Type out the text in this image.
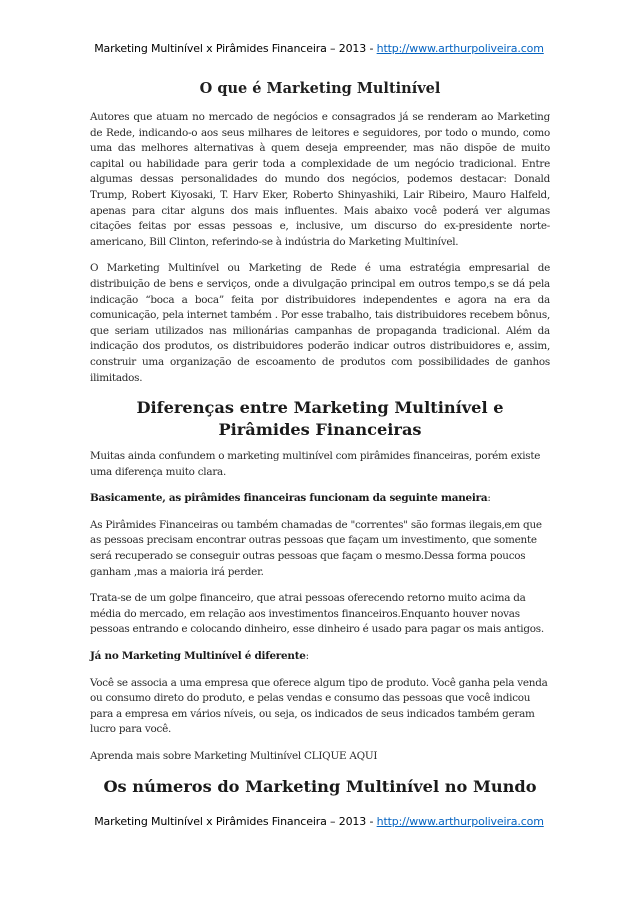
Marketing Multinível x Pirâmides Financeira – 2013 - http://www.arthurpoliveira.com
O que é Marketing Multinível

Autores que atuam no mercado de negócios e consagrados já se renderam ao Marketing de Rede, indicando-o aos seus milhares de leitores e seguidores, por todo o mundo, como uma das melhores alternativas à quem deseja empreender, mas não dispõe de muito capital ou habilidade para gerir toda a complexidade de um negócio tradicional. Entre algumas dessas personalidades do mundo dos negócios, podemos destacar: Donald Trump, Robert Kiyosaki, T. Harv Eker, Roberto Shinyashiki, Lair Ribeiro, Mauro Halfeld, apenas para citar alguns dos mais influentes. Mais abaixo você poderá ver algumas citações feitas por essas pessoas e, inclusive, um discurso do ex-presidente norte-americano, Bill Clinton, referindo-se à indústria do Marketing Multinível.

O Marketing Multinível ou Marketing de Rede é uma estratégia empresarial de distribuição de bens e serviços, onde a divulgação principal em outros tempo,s se dá pela indicação “boca a boca” feita por distribuidores independentes e agora na era da comunicação, pela internet também . Por esse trabalho, tais distribuidores recebem bônus, que seriam utilizados nas milionárias campanhas de propaganda tradicional. Além da indicação dos produtos, os distribuidores poderão indicar outros distribuidores e, assim, construir uma organização de escoamento de produtos com possibilidades de ganhos ilimitados.

Diferenças entre Marketing Multinível e Pirâmides Financeiras

Muitas ainda confundem o marketing multinível com pirâmides financeiras, porém existe uma diferença muito clara.

Basicamente, as pirâmides financeiras funcionam da seguinte maneira:

As Pirâmides Financeiras ou também chamadas de "correntes" são formas ilegais,em que as pessoas precisam encontrar outras pessoas que façam um investimento, que somente será recuperado se conseguir outras pessoas que façam o mesmo.Dessa forma poucos ganham ,mas a maioria irá perder.

Trata-se de um golpe financeiro, que atrai pessoas oferecendo retorno muito acima da média do mercado, em relação aos investimentos financeiros.Enquanto houver novas pessoas entrando e colocando dinheiro, esse dinheiro é usado para pagar os mais antigos.

Já no Marketing Multinível é diferente:

Você se associa a uma empresa que oferece algum tipo de produto. Você ganha pela venda ou consumo direto do produto, e pelas vendas e consumo das pessoas que você indicou para a empresa em vários níveis, ou seja, os indicados de seus indicados também geram lucro para você.

Aprenda mais sobre Marketing Multinível CLIQUE AQUI

Os números do Marketing Multinível no Mundo
Marketing Multinível x Pirâmides Financeira – 2013 - http://www.arthurpoliveira.com
